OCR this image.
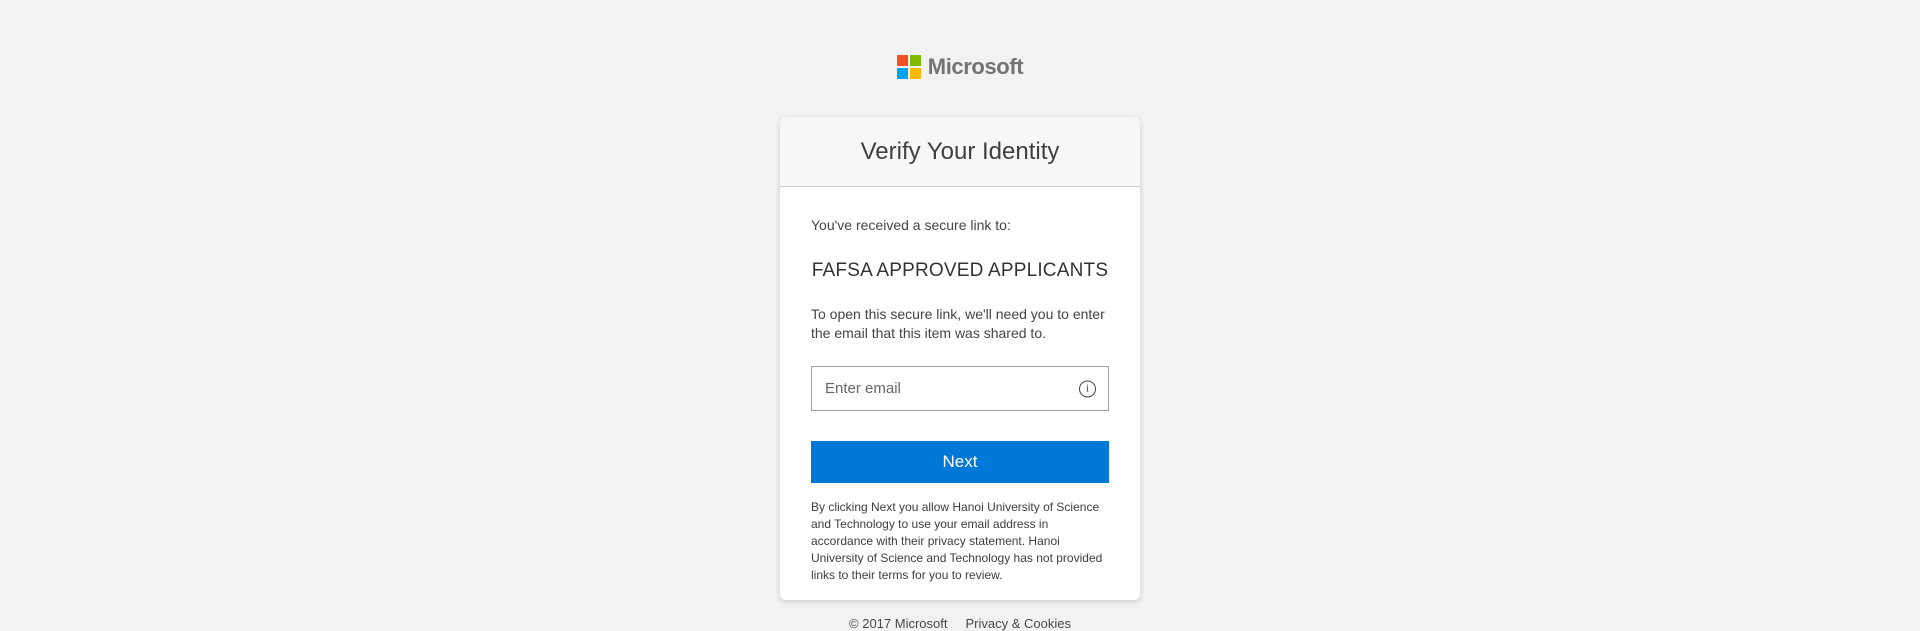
Microsoft
Verify Your Identity

You've received a secure link to:

FAFSA APPROVED APPLICANTS

To open this secure link, we'll need you to enter the email that this item was shared to.

Enter email
i
Next

By clicking Next you allow Hanoi University of Science and Technology to use your email address in accordance with their privacy statement. Hanoi University of Science and Technology has not provided links to their terms for you to review.

© 2017 Microsoft Privacy & Cookies
